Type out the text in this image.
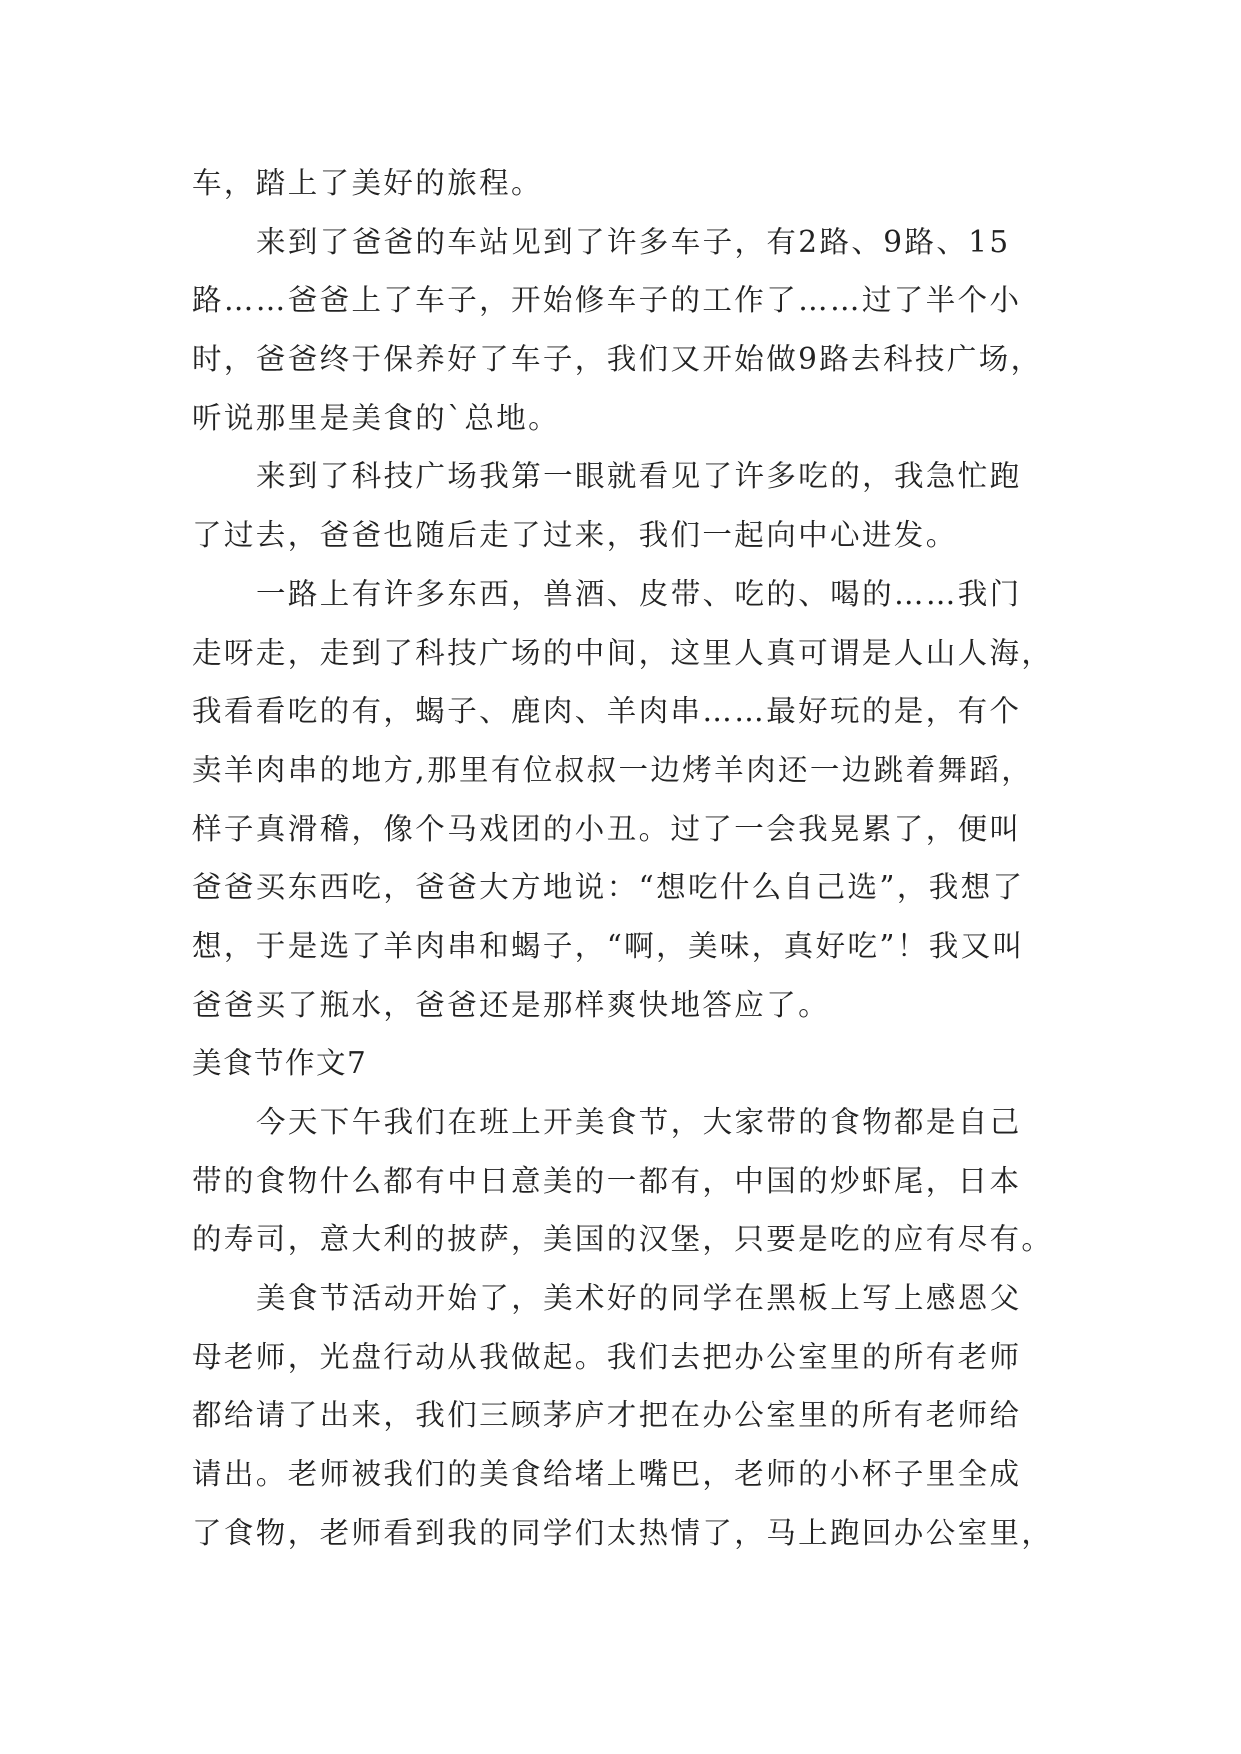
车，踏上了美好的旅程。
来到了爸爸的车站见到了许多车子，有2路、9路、15
路……爸爸上了车子，开始修车子的工作了……过了半个小
时，爸爸终于保养好了车子，我们又开始做9路去科技广场，
听说那里是美食的`总地。
来到了科技广场我第一眼就看见了许多吃的，我急忙跑
了过去，爸爸也随后走了过来，我们一起向中心进发。
一路上有许多东西，兽酒、皮带、吃的、喝的……我门
走呀走，走到了科技广场的中间，这里人真可谓是人山人海，
我看看吃的有，蝎子、鹿肉、羊肉串……最好玩的是，有个
卖羊肉串的地方,那里有位叔叔一边烤羊肉还一边跳着舞蹈，
样子真滑稽，像个马戏团的小丑。过了一会我晃累了，便叫
爸爸买东西吃，爸爸大方地说：“想吃什么自己选”，我想了
想，于是选了羊肉串和蝎子，“啊，美味，真好吃”！我又叫
爸爸买了瓶水，爸爸还是那样爽快地答应了。
美食节作文7
今天下午我们在班上开美食节，大家带的食物都是自己
带的食物什么都有中日意美的一都有，中国的炒虾尾，日本
的寿司，意大利的披萨，美国的汉堡，只要是吃的应有尽有。
美食节活动开始了，美术好的同学在黑板上写上感恩父
母老师，光盘行动从我做起。我们去把办公室里的所有老师
都给请了出来，我们三顾茅庐才把在办公室里的所有老师给
请出。老师被我们的美食给堵上嘴巴，老师的小杯子里全成
了食物，老师看到我的同学们太热情了，马上跑回办公室里，
